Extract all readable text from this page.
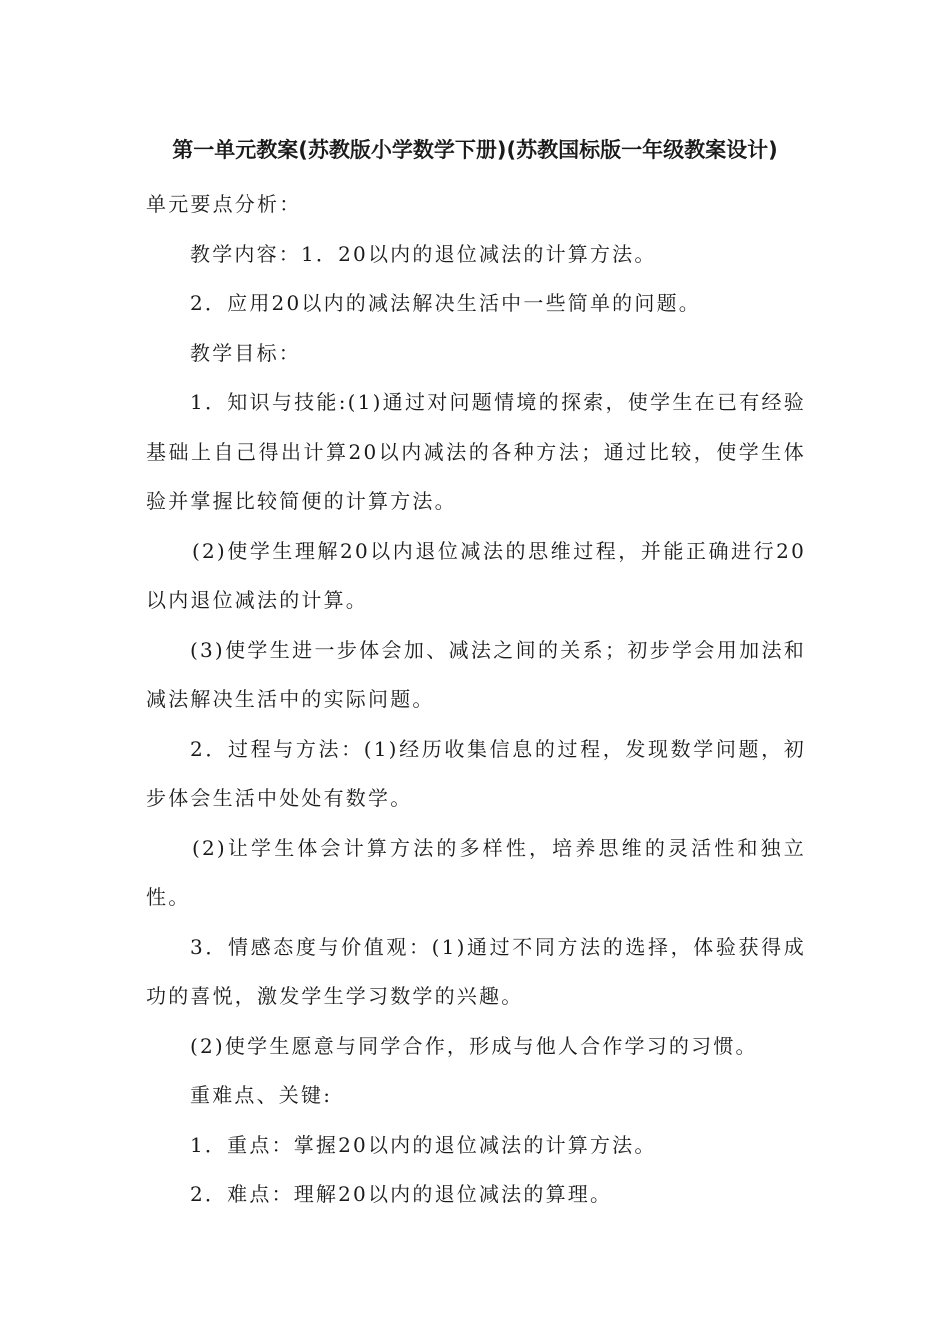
第一单元教案(苏教版小学数学下册)(苏教国标版一年级教案设计)

单元要点分析：

教学内容：1．20以内的退位减法的计算方法。

2．应用20以内的减法解决生活中一些简单的问题。

教学目标：

1．知识与技能:(1)通过对问题情境的探索，使学生在已有经验基础上自己得出计算20以内减法的各种方法；通过比较，使学生体验并掌握比较简便的计算方法。

(2)使学生理解20以内退位减法的思维过程，并能正确进行20以内退位减法的计算。

(3)使学生进一步体会加、减法之间的关系；初步学会用加法和减法解决生活中的实际问题。

2．过程与方法：(1)经历收集信息的过程，发现数学问题，初步体会生活中处处有数学。

(2)让学生体会计算方法的多样性，培养思维的灵活性和独立性。

3．情感态度与价值观：(1)通过不同方法的选择，体验获得成功的喜悦，激发学生学习数学的兴趣。

(2)使学生愿意与同学合作，形成与他人合作学习的习惯。

重难点、关键:

1．重点：掌握20以内的退位减法的计算方法。

2．难点：理解20以内的退位减法的算理。
